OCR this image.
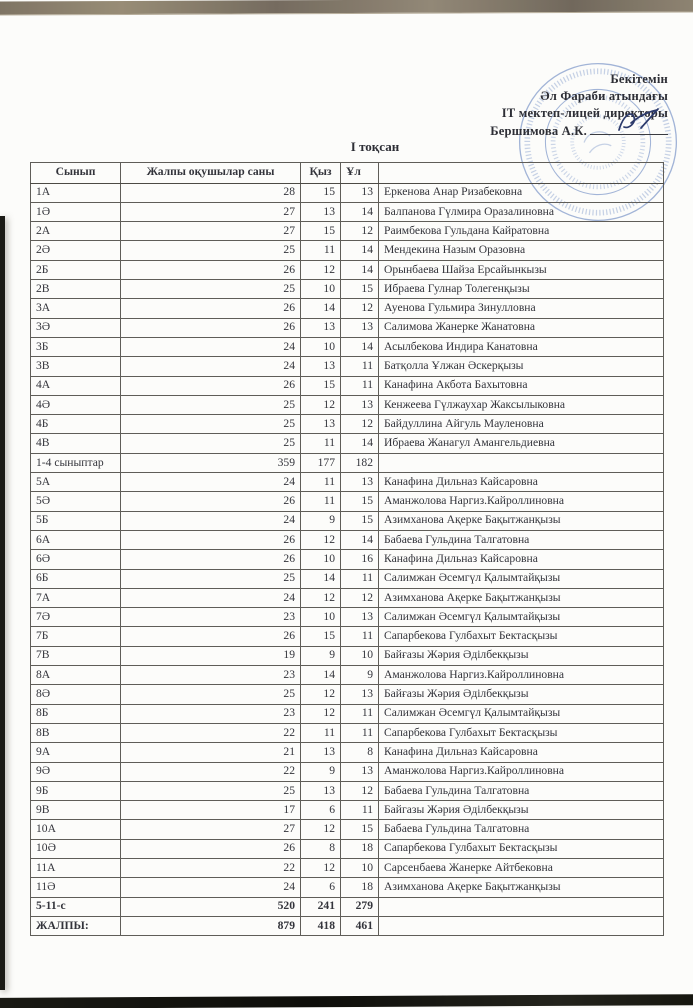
Бекітемін
Әл Фараби атындағы
ІТ мектеп-лицей директоры
Бершимова А.К.
І тоқсан
Сынып	Жалпы оқушылар саны	Қыз	Ұл	
1А	28	15	13	Еркенова Анар Ризабековна
1Ә	27	13	14	Балпанова Гүлмира Оразалиновна
2А	27	15	12	Раимбекова Гульдана Кайратовна
2Ә	25	11	14	Мендекина Назым Оразовна
2Б	26	12	14	Орынбаева Шайза Ерсайынкызы
2В	25	10	15	Ибраева Гулнар Толегенқызы
3А	26	14	12	Ауенова Гульмира Зинулловна
3Ә	26	13	13	Салимова Жанерке Жанатовна
3Б	24	10	14	Асылбекова Индира Канатовна
3В	24	13	11	Батқолла Ұлжан Әскерқызы
4А	26	15	11	Канафина Акбота Бахытовна
4Ә	25	12	13	Кенжеева Гүлжаухар Жаксылыковна
4Б	25	13	12	Байдуллина Айгуль Мауленовна
4В	25	11	14	Ибраева Жанагул Амангельдиевна
1-4 сыныптар	359	177	182	
5А	24	11	13	Канафина Дильназ Кайсаровна
5Ә	26	11	15	Аманжолова Наргиз.Кайроллиновна
5Б	24	9	15	Азимханова Ақерке Бақытжанқызы
6А	26	12	14	Бабаева Гульдина Талгатовна
6Ә	26	10	16	Канафина Дильназ Кайсаровна
6Б	25	14	11	Салимжан Әсемгүл Қалымтайқызы
7А	24	12	12	Азимханова Ақерке Бақытжанқызы
7Ә	23	10	13	Салимжан Әсемгүл Қалымтайқызы
7Б	26	15	11	Сапарбекова Гулбахыт Бектасқызы
7В	19	9	10	Байғазы Жәрия Әділбекқызы
8А	23	14	9	Аманжолова Наргиз.Кайроллиновна
8Ә	25	12	13	Байғазы Жәрия Әділбекқызы
8Б	23	12	11	Салимжан Әсемгүл Қалымтайқызы
8В	22	11	11	Сапарбекова Гулбахыт Бектасқызы
9А	21	13	8	Канафина Дильназ Кайсаровна
9Ә	22	9	13	Аманжолова Наргиз.Кайроллиновна
9Б	25	13	12	Бабаева Гульдина Талгатовна
9В	17	6	11	Байгазы Жәрия Әділбекқызы
10А	27	12	15	Бабаева Гульдина Талгатовна
10Ә	26	8	18	Сапарбекова Гулбахыт Бектасқызы
11А	22	12	10	Сарсенбаева Жанерке Айтбековна
11Ә	24	6	18	Азимханова Ақерке Бақытжанқызы
5-11-с	520	241	279	
ЖАЛПЫ:	879	418	461	
